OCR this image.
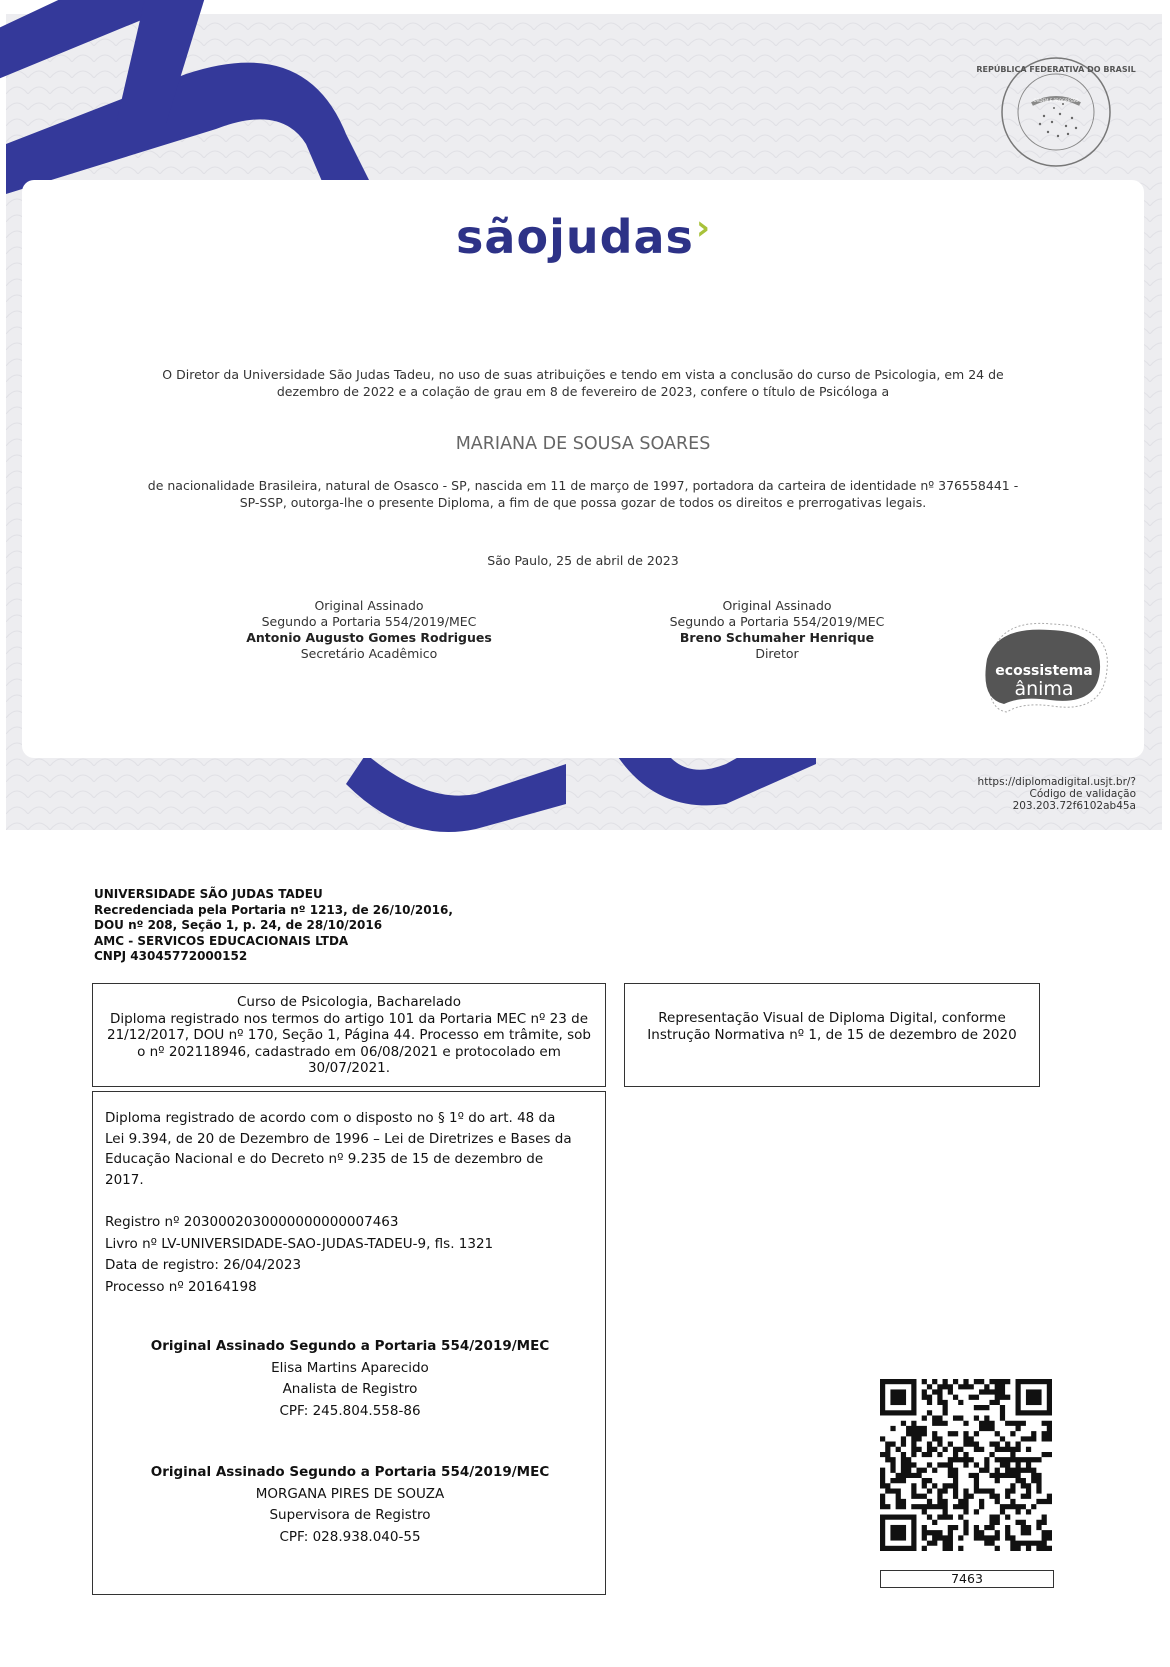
REPÚBLICA FEDERATIVA DO BRASIL
ORDEM E PROGRESSO
sãojudas›
O Diretor da Universidade São Judas Tadeu, no uso de suas atribuições e tendo em vista a conclusão do curso de Psicologia, em 24 de dezembro de 2022 e a colação de grau em 8 de fevereiro de 2023, confere o título de Psicóloga a
MARIANA DE SOUSA SOARES
de nacionalidade Brasileira, natural de Osasco - SP, nascida em 11 de março de 1997, portadora da carteira de identidade nº 376558441 - SP-SSP, outorga-lhe o presente Diploma, a fim de que possa gozar de todos os direitos e prerrogativas legais.
São Paulo, 25 de abril de 2023
Original Assinado
Segundo a Portaria 554/2019/MEC
Antonio Augusto Gomes Rodrigues
Secretário Acadêmico
Original Assinado
Segundo a Portaria 554/2019/MEC
Breno Schumaher Henrique
Diretor
ecossistema
ânima
https://diplomadigital.usjt.br/?
Código de validação
203.203.72f6102ab45a
UNIVERSIDADE SÃO JUDAS TADEU
Recredenciada pela Portaria nº 1213, de 26/10/2016,
DOU nº 208, Seção 1, p. 24, de 28/10/2016
AMC - SERVICOS EDUCACIONAIS LTDA
CNPJ 43045772000152
Curso de Psicologia, Bacharelado
Diploma registrado nos termos do artigo 101 da Portaria MEC nº 23 de 21/12/2017, DOU nº 170, Seção 1, Página 44. Processo em trâmite, sob o nº 202118946, cadastrado em 06/08/2021 e protocolado em 30/07/2021.
Representação Visual de Diploma Digital, conforme Instrução Normativa nº 1, de 15 de dezembro de 2020
Diploma registrado de acordo com o disposto no § 1º do art. 48 da Lei 9.394, de 20 de Dezembro de 1996 – Lei de Diretrizes e Bases da Educação Nacional e do Decreto nº 9.235 de 15 de dezembro de 2017.
Registro nº 2030002030000000000007463
Livro nº LV-UNIVERSIDADE-SAO-JUDAS-TADEU-9, fls. 1321
Data de registro: 26/04/2023
Processo nº 20164198
Original Assinado Segundo a Portaria 554/2019/MEC
Elisa Martins Aparecido
Analista de Registro
CPF: 245.804.558-86
Original Assinado Segundo a Portaria 554/2019/MEC
MORGANA PIRES DE SOUZA
Supervisora de Registro
CPF: 028.938.040-55
7463
